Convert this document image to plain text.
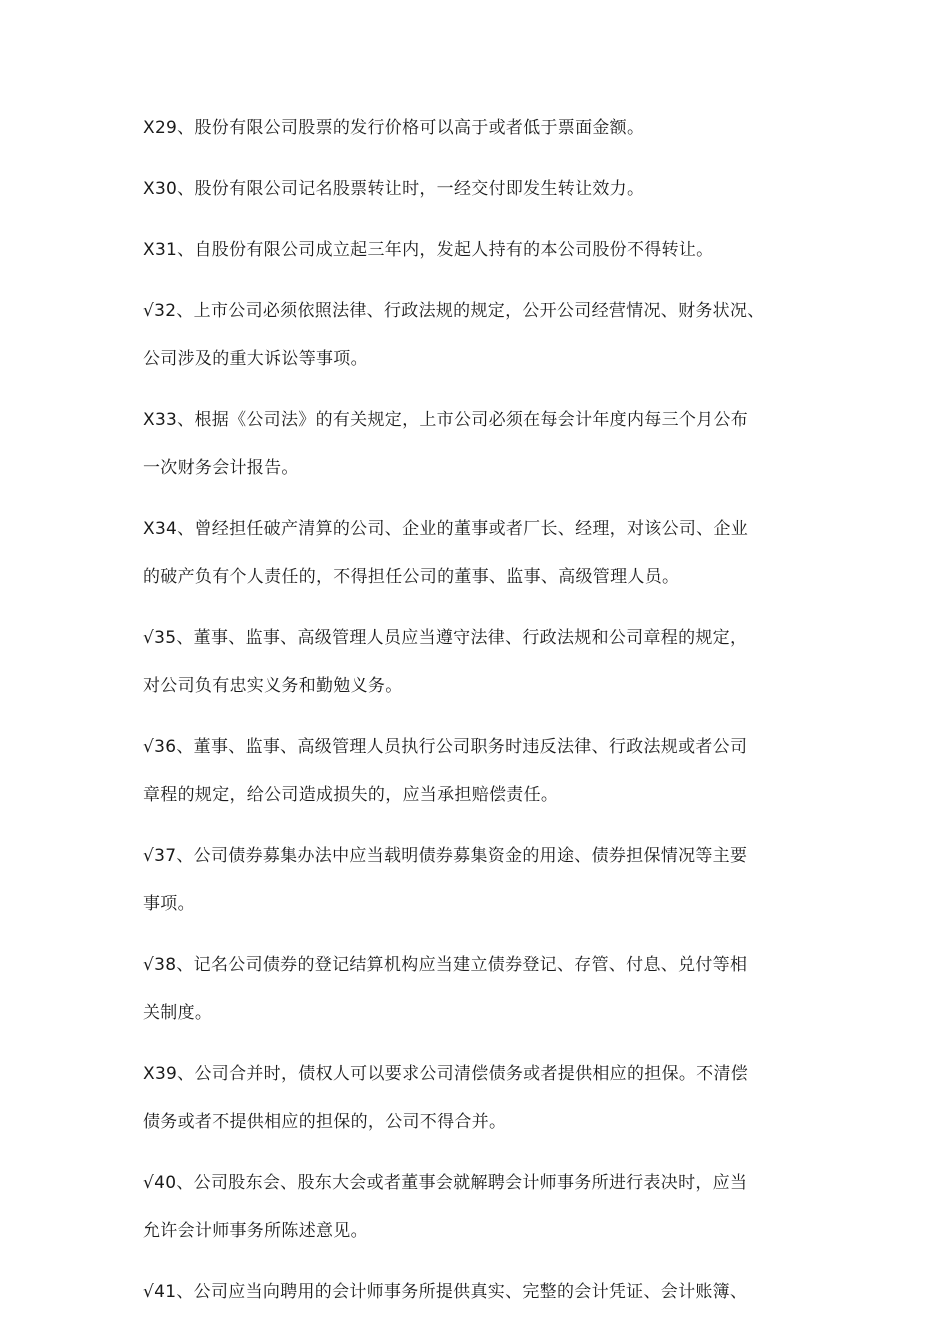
X29、股份有限公司股票的发行价格可以高于或者低于票面金额。
X30、股份有限公司记名股票转让时，一经交付即发生转让效力。
X31、自股份有限公司成立起三年内，发起人持有的本公司股份不得转让。
√32、上市公司必须依照法律、行政法规的规定，公开公司经营情况、财务状况、
公司涉及的重大诉讼等事项。
X33、根据《公司法》的有关规定，上市公司必须在每会计年度内每三个月公布
一次财务会计报告。
X34、曾经担任破产清算的公司、企业的董事或者厂长、经理，对该公司、企业
的破产负有个人责任的，不得担任公司的董事、监事、高级管理人员。
√35、董事、监事、高级管理人员应当遵守法律、行政法规和公司章程的规定，
对公司负有忠实义务和勤勉义务。
√36、董事、监事、高级管理人员执行公司职务时违反法律、行政法规或者公司
章程的规定，给公司造成损失的，应当承担赔偿责任。
√37、公司债券募集办法中应当载明债券募集资金的用途、债券担保情况等主要
事项。
√38、记名公司债券的登记结算机构应当建立债券登记、存管、付息、兑付等相
关制度。
X39、公司合并时，债权人可以要求公司清偿债务或者提供相应的担保。不清偿
债务或者不提供相应的担保的，公司不得合并。
√40、公司股东会、股东大会或者董事会就解聘会计师事务所进行表决时，应当
允许会计师事务所陈述意见。
√41、公司应当向聘用的会计师事务所提供真实、完整的会计凭证、会计账簿、
